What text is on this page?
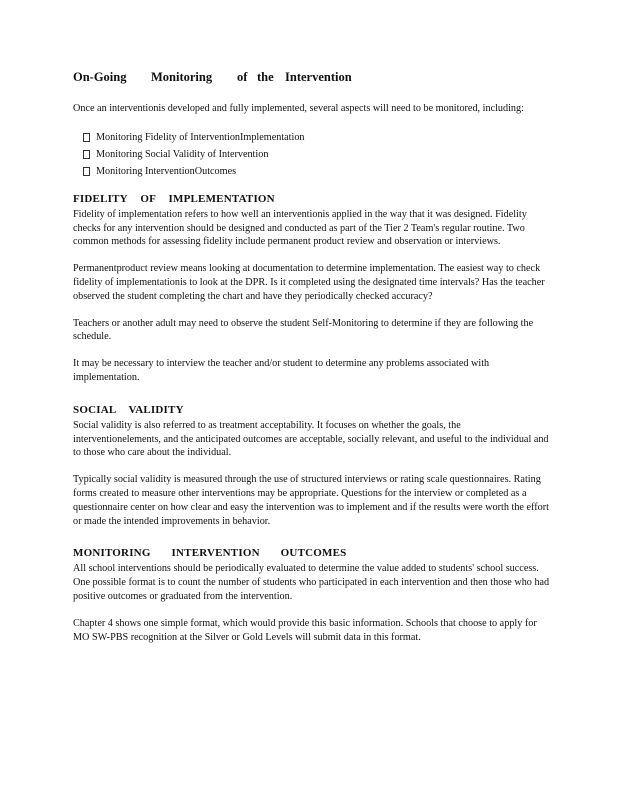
On-Going	Monitoring	of the Intervention

Once an interventionis developed and fully implemented, several aspects will need to be monitored, including:

Monitoring Fidelity of InterventionImplementation
Monitoring Social Validity of Intervention
Monitoring InterventionOutcomes
FIDELITY OF IMPLEMENTATION

Fidelity of implementation refers to how well an interventionis applied in the way that it was designed. Fidelity checks for any intervention should be designed and conducted as part of the Tier 2 Team's regular routine. Two common methods for assessing fidelity include permanent product review and observation or interviews.

Permanentproduct review means looking at documentation to determine implementation. The easiest way to check fidelity of implementationis to look at the DPR. Is it completed using the designated time intervals? Has the teacher observed the student completing the chart and have they periodically checked accuracy?

Teachers or another adult may need to observe the student Self-Monitoring to determine if they are following the schedule.

It may be necessary to interview the teacher and/or student to determine any problems associated with implementation.

SOCIAL VALIDITY

Social validity is also referred to as treatment acceptability. It focuses on whether the goals, the interventionelements, and the anticipated outcomes are acceptable, socially relevant, and useful to the individual and to those who care about the individual.

Typically social validity is measured through the use of structured interviews or rating scale questionnaires. Rating forms created to measure other interventions may be appropriate. Questions for the interview or completed as a questionnaire center on how clear and easy the intervention was to implement and if the results were worth the effort or made the intended improvements in behavior.

MONITORING INTERVENTION OUTCOMES

All school interventions should be periodically evaluated to determine the value added to students' school success. One possible format is to count the number of students who participated in each intervention and then those who had positive outcomes or graduated from the intervention.

Chapter 4 shows one simple format, which would provide this basic information. Schools that choose to apply for MO SW-PBS recognition at the Silver or Gold Levels will submit data in this format.
